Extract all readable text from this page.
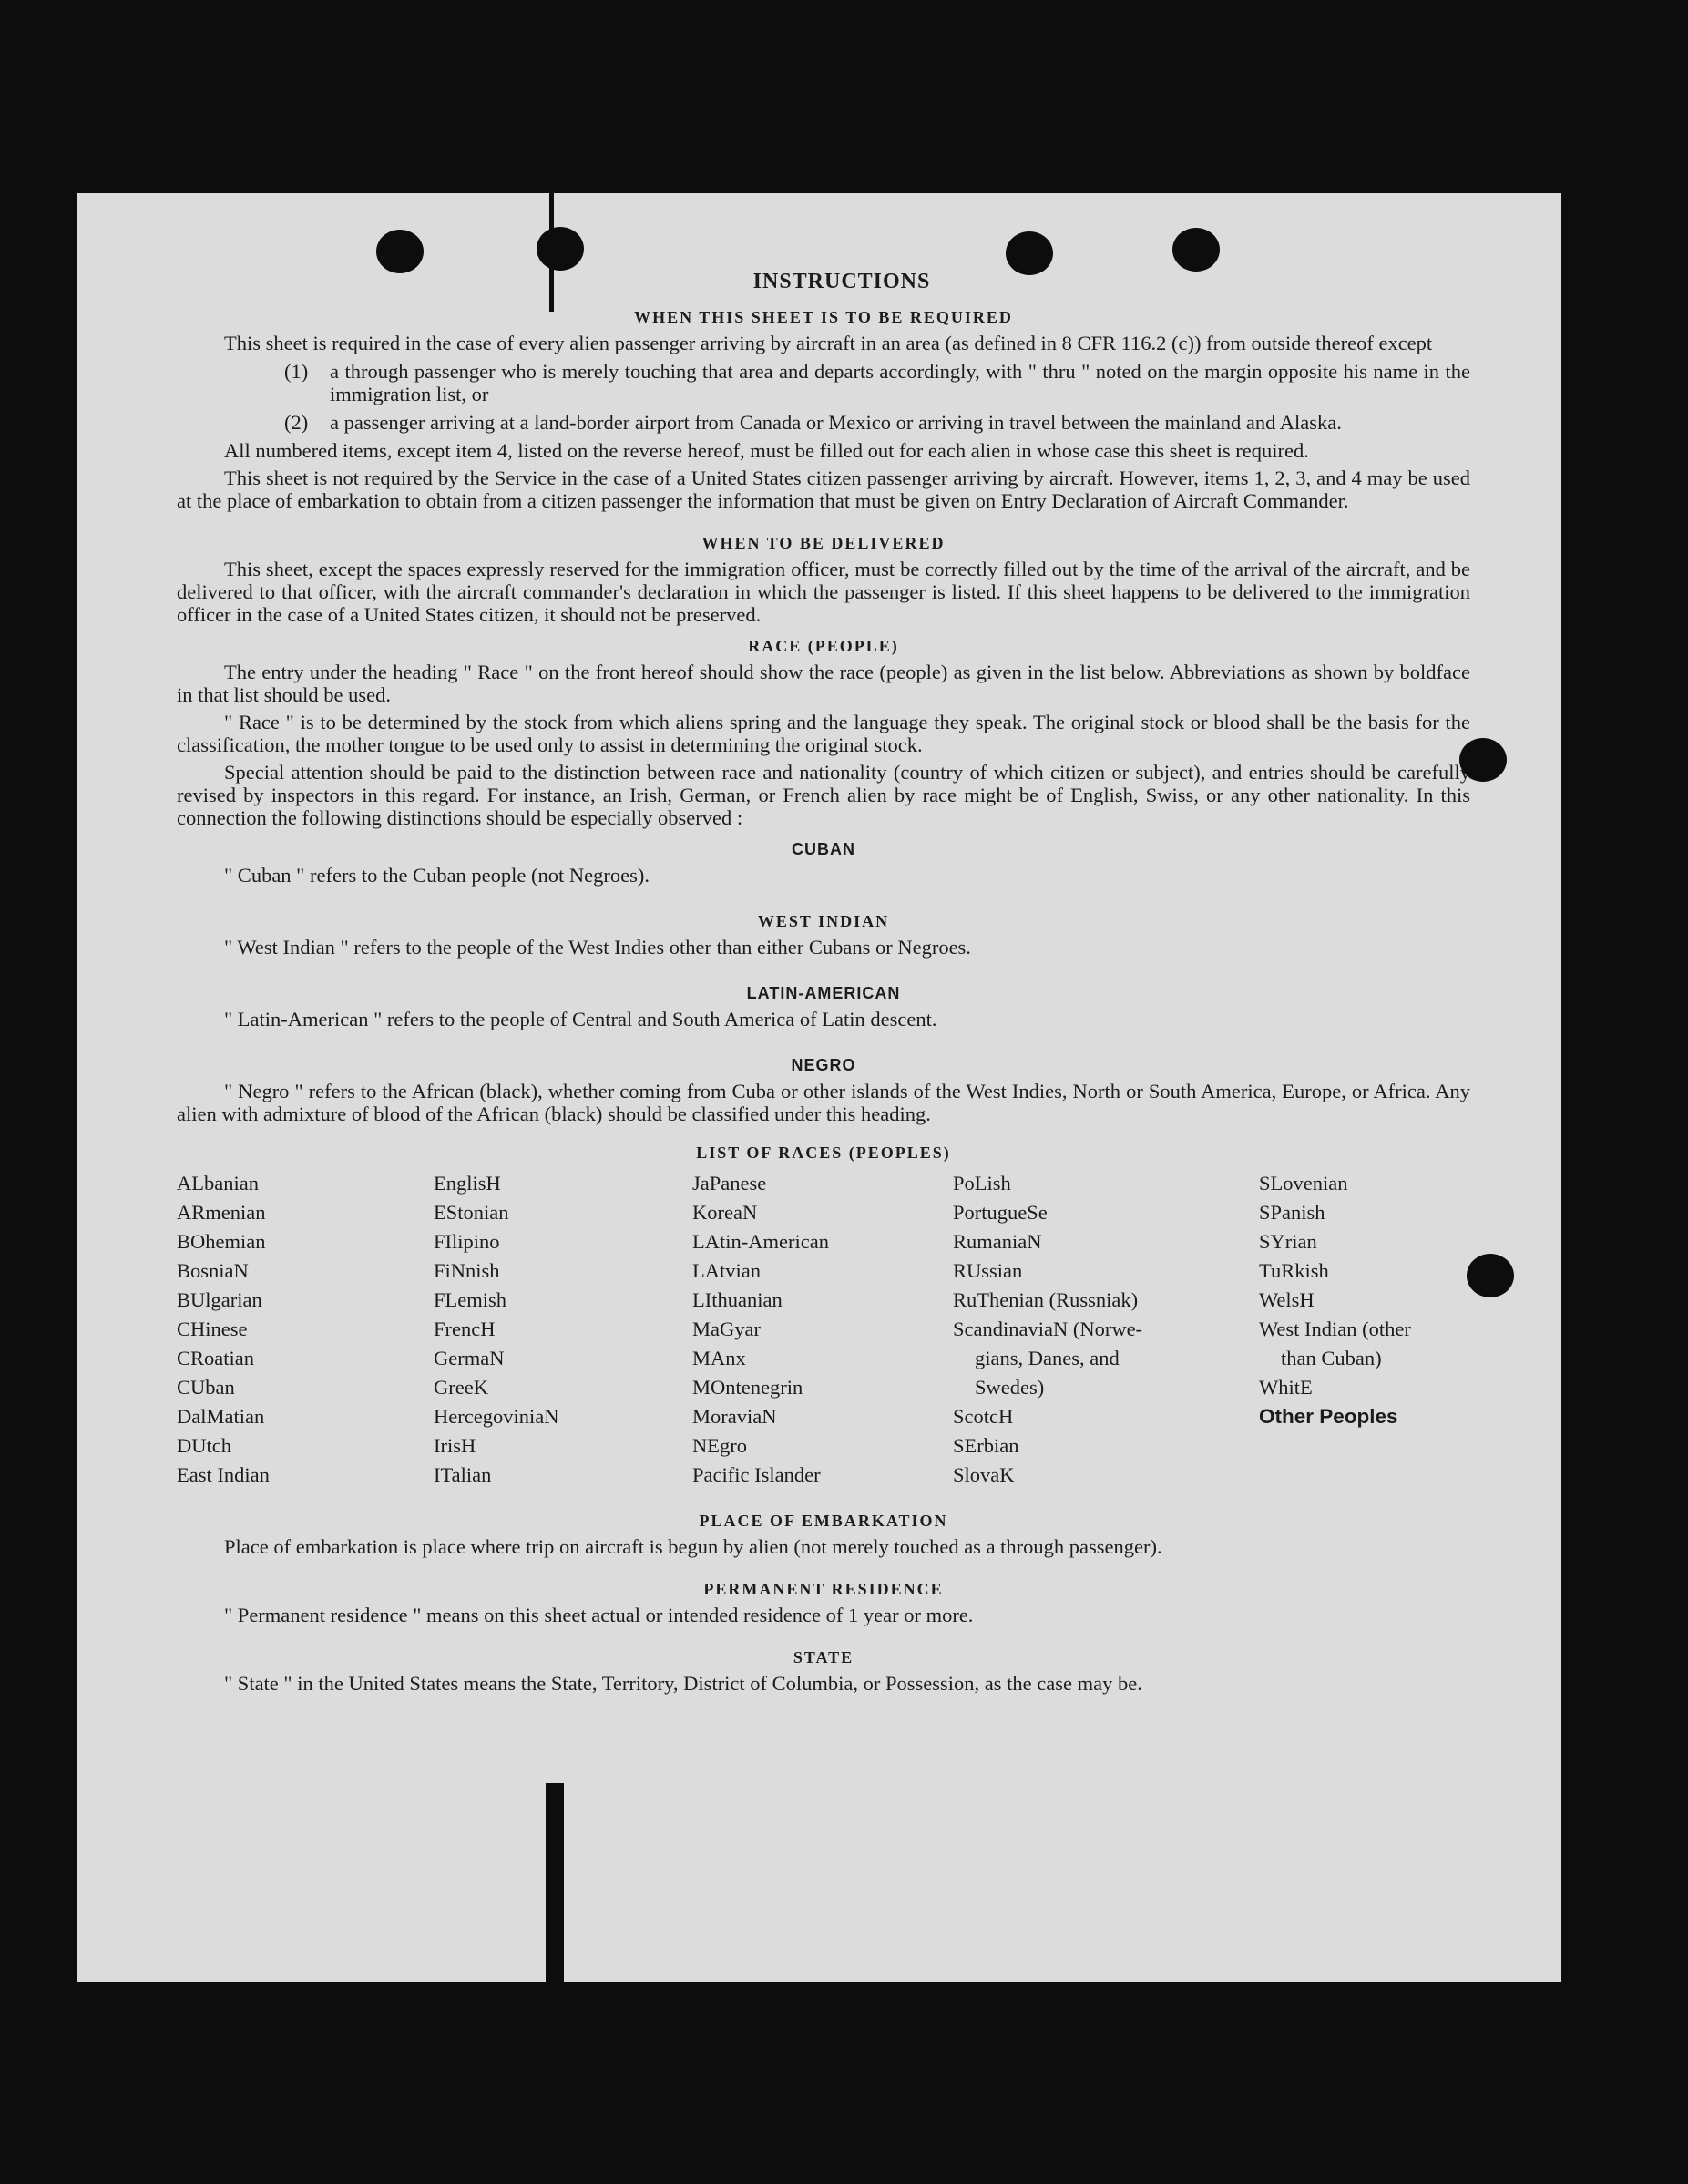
INSTRUCTIONS
WHEN THIS SHEET IS TO BE REQUIRED

This sheet is required in the case of every alien passenger arriving by aircraft in an area (as defined in 8 CFR 116.2 (c)) from outside thereof except

(1)	a through passenger who is merely touching that area and departs accordingly, with " thru " noted on the margin opposite his name in the immigration list, or
(2)	a passenger arriving at a land-border airport from Canada or Mexico or arriving in travel between the mainland and Alaska.

All numbered items, except item 4, listed on the reverse hereof, must be filled out for each alien in whose case this sheet is required.

This sheet is not required by the Service in the case of a United States citizen passenger arriving by aircraft. However, items 1, 2, 3, and 4 may be used at the place of embarkation to obtain from a citizen passenger the information that must be given on Entry Declaration of Aircraft Commander.

WHEN TO BE DELIVERED

This sheet, except the spaces expressly reserved for the immigration officer, must be correctly filled out by the time of the arrival of the aircraft, and be delivered to that officer, with the aircraft commander's declaration in which the passenger is listed. If this sheet happens to be delivered to the immigration officer in the case of a United States citizen, it should not be preserved.

RACE (PEOPLE)

The entry under the heading " Race " on the front hereof should show the race (people) as given in the list below. Abbreviations as shown by boldface in that list should be used.

" Race " is to be determined by the stock from which aliens spring and the language they speak. The original stock or blood shall be the basis for the classification, the mother tongue to be used only to assist in determining the original stock.

Special attention should be paid to the distinction between race and nationality (country of which citizen or subject), and entries should be carefully revised by inspectors in this regard. For instance, an Irish, German, or French alien by race might be of English, Swiss, or any other nationality. In this connection the following distinctions should be especially observed :

CUBAN

" Cuban " refers to the Cuban people (not Negroes).

WEST INDIAN

" West Indian " refers to the people of the West Indies other than either Cubans or Negroes.

LATIN-AMERICAN

" Latin-American " refers to the people of Central and South America of Latin descent.

NEGRO

" Negro " refers to the African (black), whether coming from Cuba or other islands of the West Indies, North or South America, Europe, or Africa. Any alien with admixture of blood of the African (black) should be classified under this heading.

LIST OF RACES (PEOPLES)
ALbanian
ARmenian
BOhemian
BosniaN
BUlgarian
CHinese
CRoatian
CUban
DalMatian
DUtch
East Indian
EnglisH
EStonian
FIlipino
FiNnish
FLemish
FrencH
GermaN
GreeK
HercegoviniaN
IrisH
ITalian
JaPanese
KoreaN
LAtin-American
LAtvian
LIthuanian
MaGyar
MAnx
MOntenegrin
MoraviaN
NEgro
Pacific Islander
PoLish
PortugueSe
RumaniaN
RUssian
RuThenian (Russniak)
ScandinaviaN (Norwe-
gians, Danes, and
Swedes)
ScotcH
SErbian
SlovaK
SLovenian
SPanish
SYrian
TuRkish
WelsH
West Indian (other
than Cuban)
WhitE
Other Peoples
PLACE OF EMBARKATION

Place of embarkation is place where trip on aircraft is begun by alien (not merely touched as a through passenger).

PERMANENT RESIDENCE

" Permanent residence " means on this sheet actual or intended residence of 1 year or more.

STATE

" State " in the United States means the State, Territory, District of Columbia, or Possession, as the case may be.
